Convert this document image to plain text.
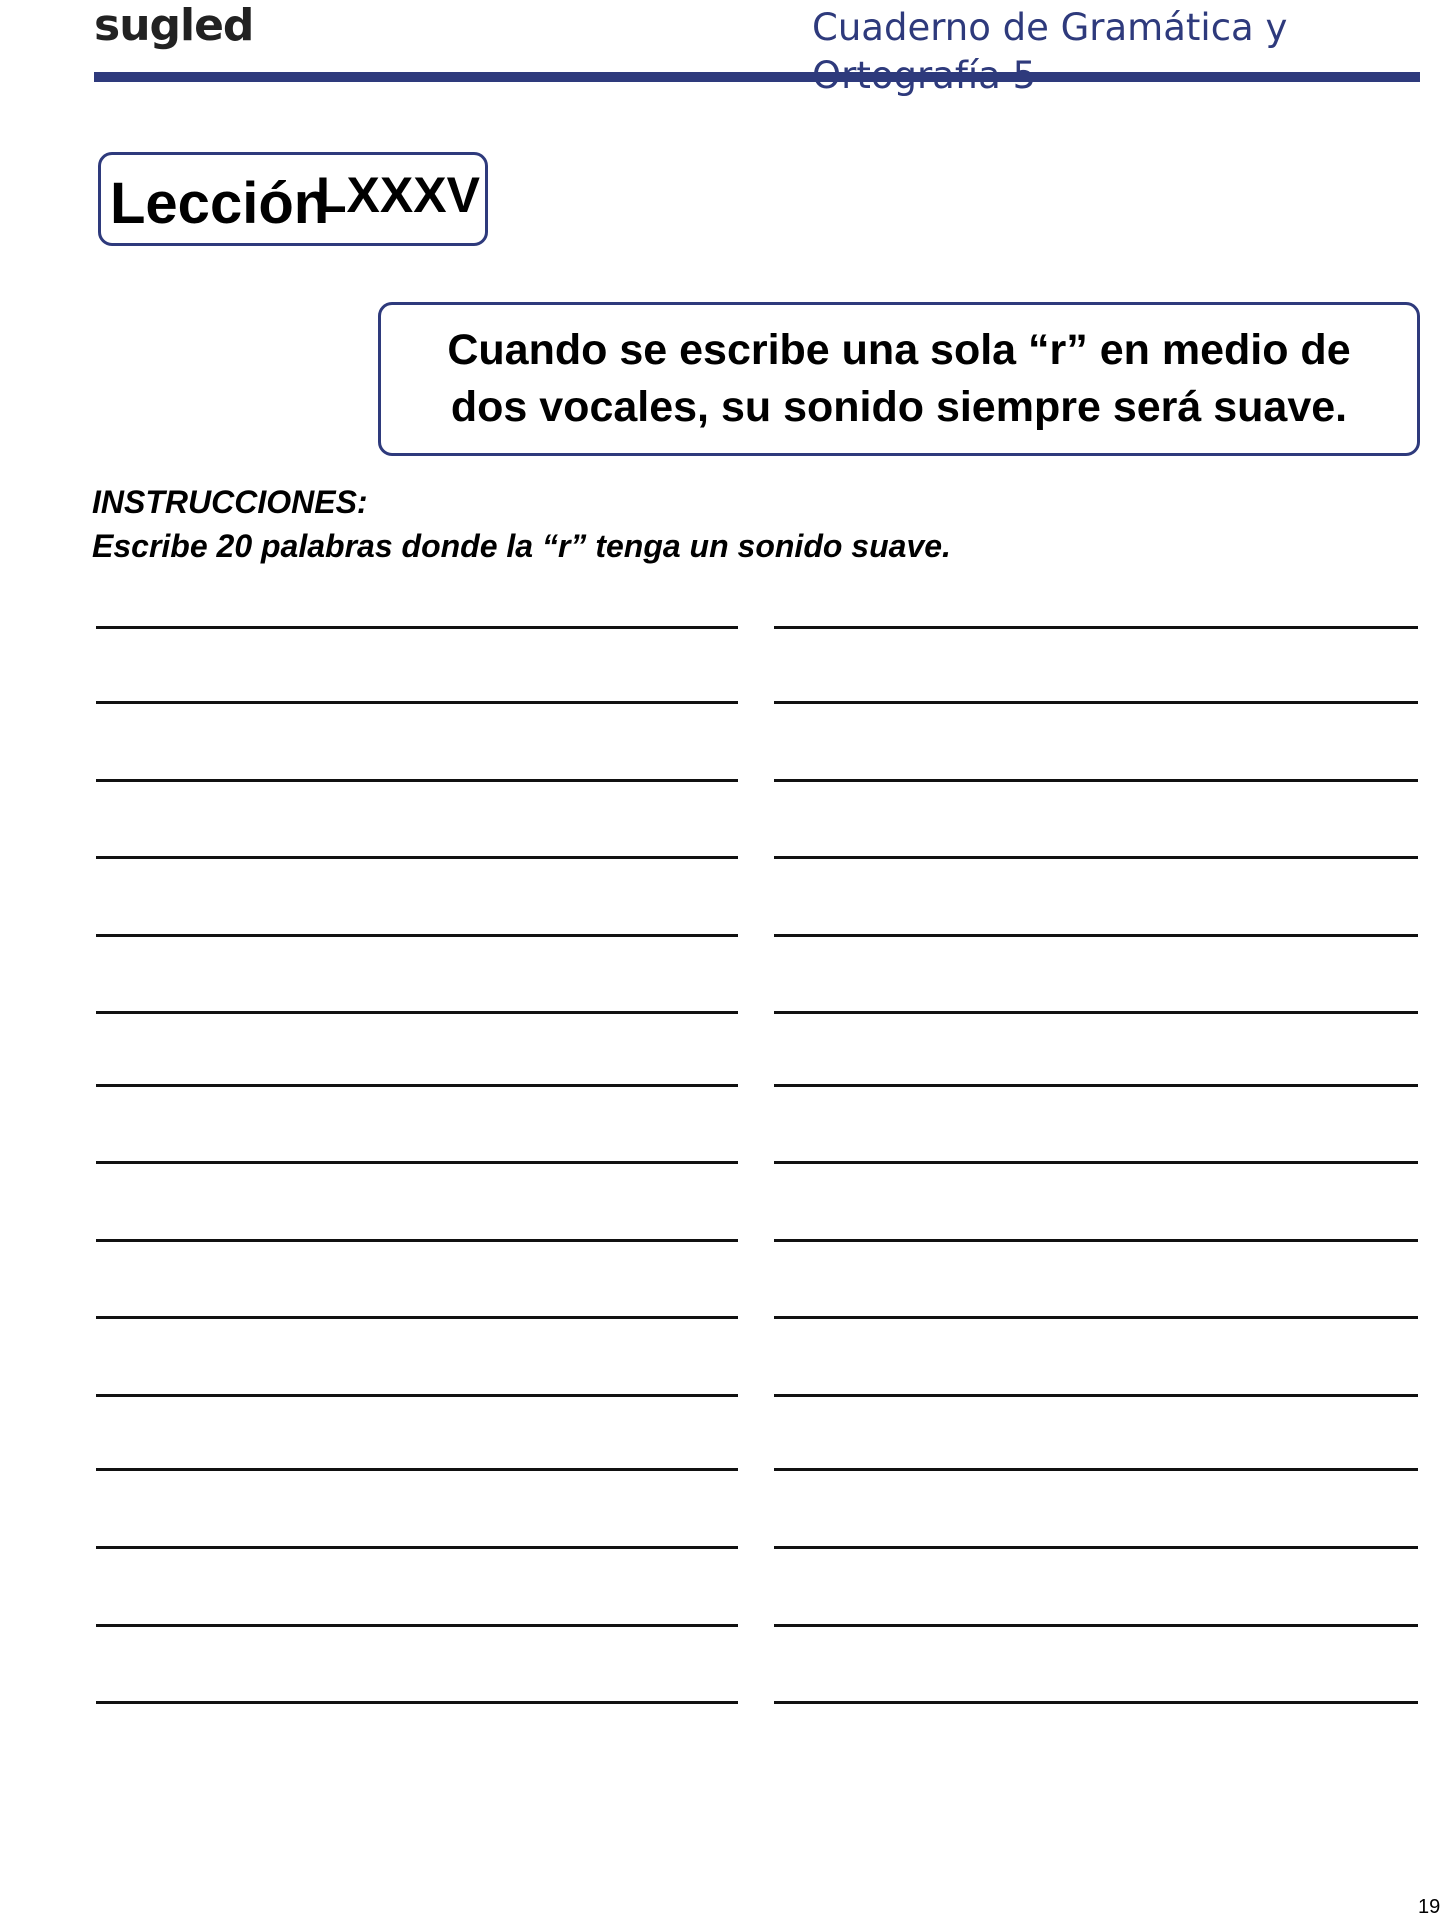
sugled	Cuaderno de Gramática y
Lección
LXXXV
Cuando se escribe una sola “r” en medio de dos vocales, su sonido siempre será suave.
INSTRUCCIONES:
Escribe 20 palabras donde la “r” tenga un sonido suave.
19
